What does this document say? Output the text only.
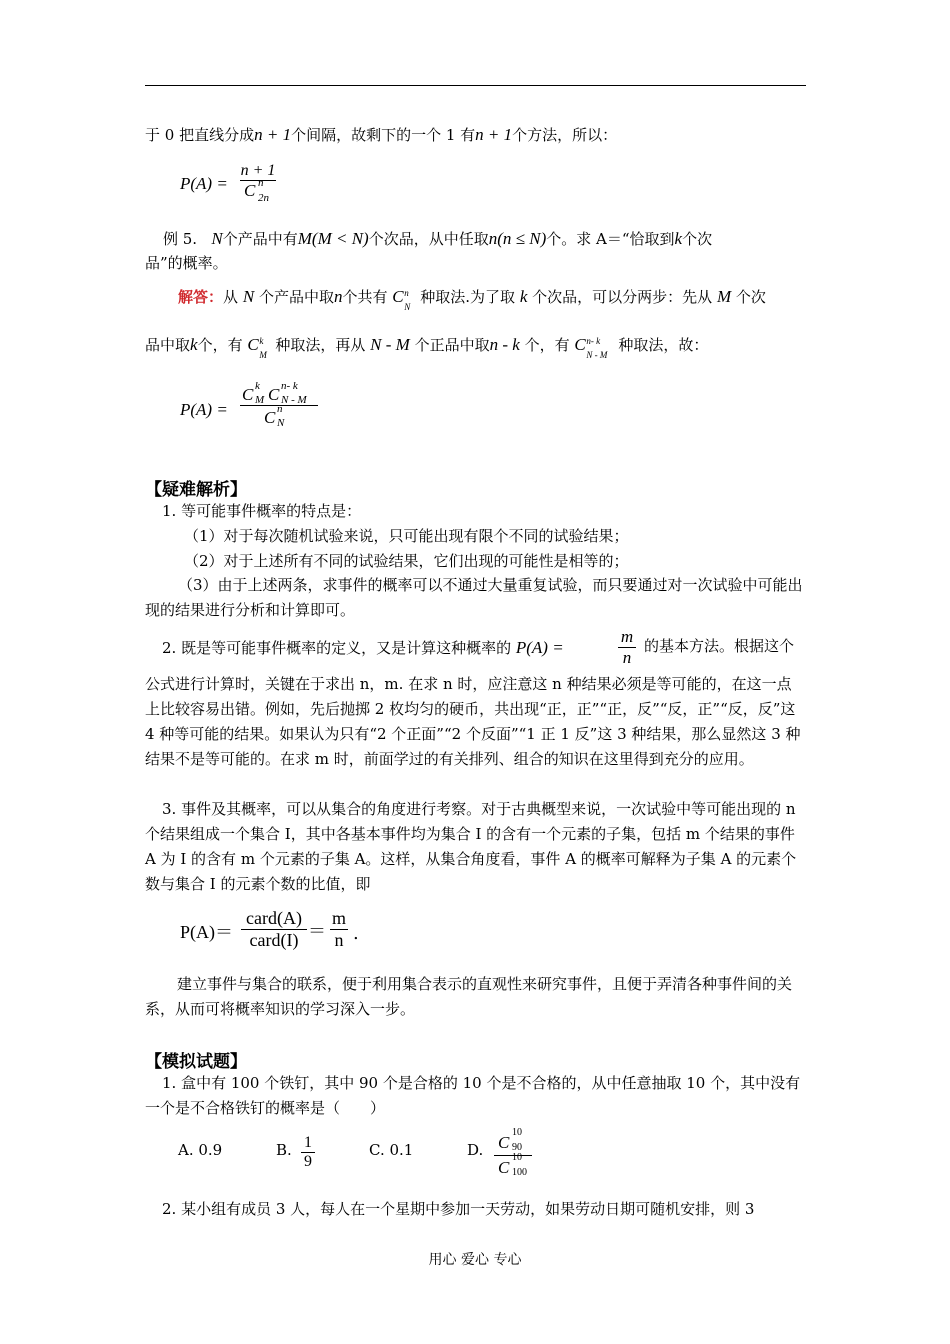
于 0 把直线分成n + 1个间隔，故剩下的一个 1 有n + 1个方法，所以：
P(A) =
n + 1
C n
2n
例 5. N个产品中有M(M < N)个次品，从中任取n(n ≤ N)个。求 A＝“恰取到k个次
品”的概率。
解答：从 N 个产品中取n个共有 C n
N
种取法.为了取 k 个次品，可以分两步：先从 M 个次
品中取k个，有 C k
M
种取法，再从 N - M 个正品中取n - k 个，有 C n- k
N - M
种取法，故：
P(A) =
C k
M C n- k
N - M
C n
N
【疑难解析】
1. 等可能事件概率的特点是：
（1）对于每次随机试验来说，只可能出现有限个不同的试验结果；
（2）对于上述所有不同的试验结果，它们出现的可能性是相等的；
（3）由于上述两条，求事件的概率可以不通过大量重复试验，而只要通过对一次试验中可能出现的结果进行分析和计算即可。
2. 既是等可能事件概率的定义，又是计算这种概率的 P(A) =
m
n
的基本方法。根据这个
公式进行计算时，关键在于求出 n，m. 在求 n 时，应注意这 n 种结果必须是等可能的，在这一点上比较容易出错。例如，先后抛掷 2 枚均匀的硬币，共出现“正，正”“正，反”“反，正”“反，反”这 4 种等可能的结果。如果认为只有“2 个正面”“2 个反面”“1 正 1 反”这 3 种结果，那么显然这 3 种结果不是等可能的。在求 m 时，前面学过的有关排列、组合的知识在这里得到充分的应用。
3. 事件及其概率，可以从集合的角度进行考察。对于古典概型来说，一次试验中等可能出现的 n 个结果组成一个集合 I，其中各基本事件均为集合 I 的含有一个元素的子集，包括 m 个结果的事件 A 为 I 的含有 m 个元素的子集 A。这样，从集合角度看，事件 A 的概率可解释为子集 A 的元素个数与集合 I 的元素个数的比值，即
P(A)＝
card(A)
card(I) ＝
m
n .
建立事件与集合的联系，便于利用集合表示的直观性来研究事件，且便于弄清各种事件间的关系，从而可将概率知识的学习深入一步。
【模拟试题】
1. 盒中有 100 个铁钉，其中 90 个是合格的 10 个是不合格的，从中任意抽取 10 个，其中没有一个是不合格铁钉的概率是（　　）
A. 0.9	B. 1
9
C. 0.1	D. C
10
90
C
10
100
2. 某小组有成员 3 人，每人在一个星期中参加一天劳动，如果劳动日期可随机安排，则 3
用心 爱心 专心
